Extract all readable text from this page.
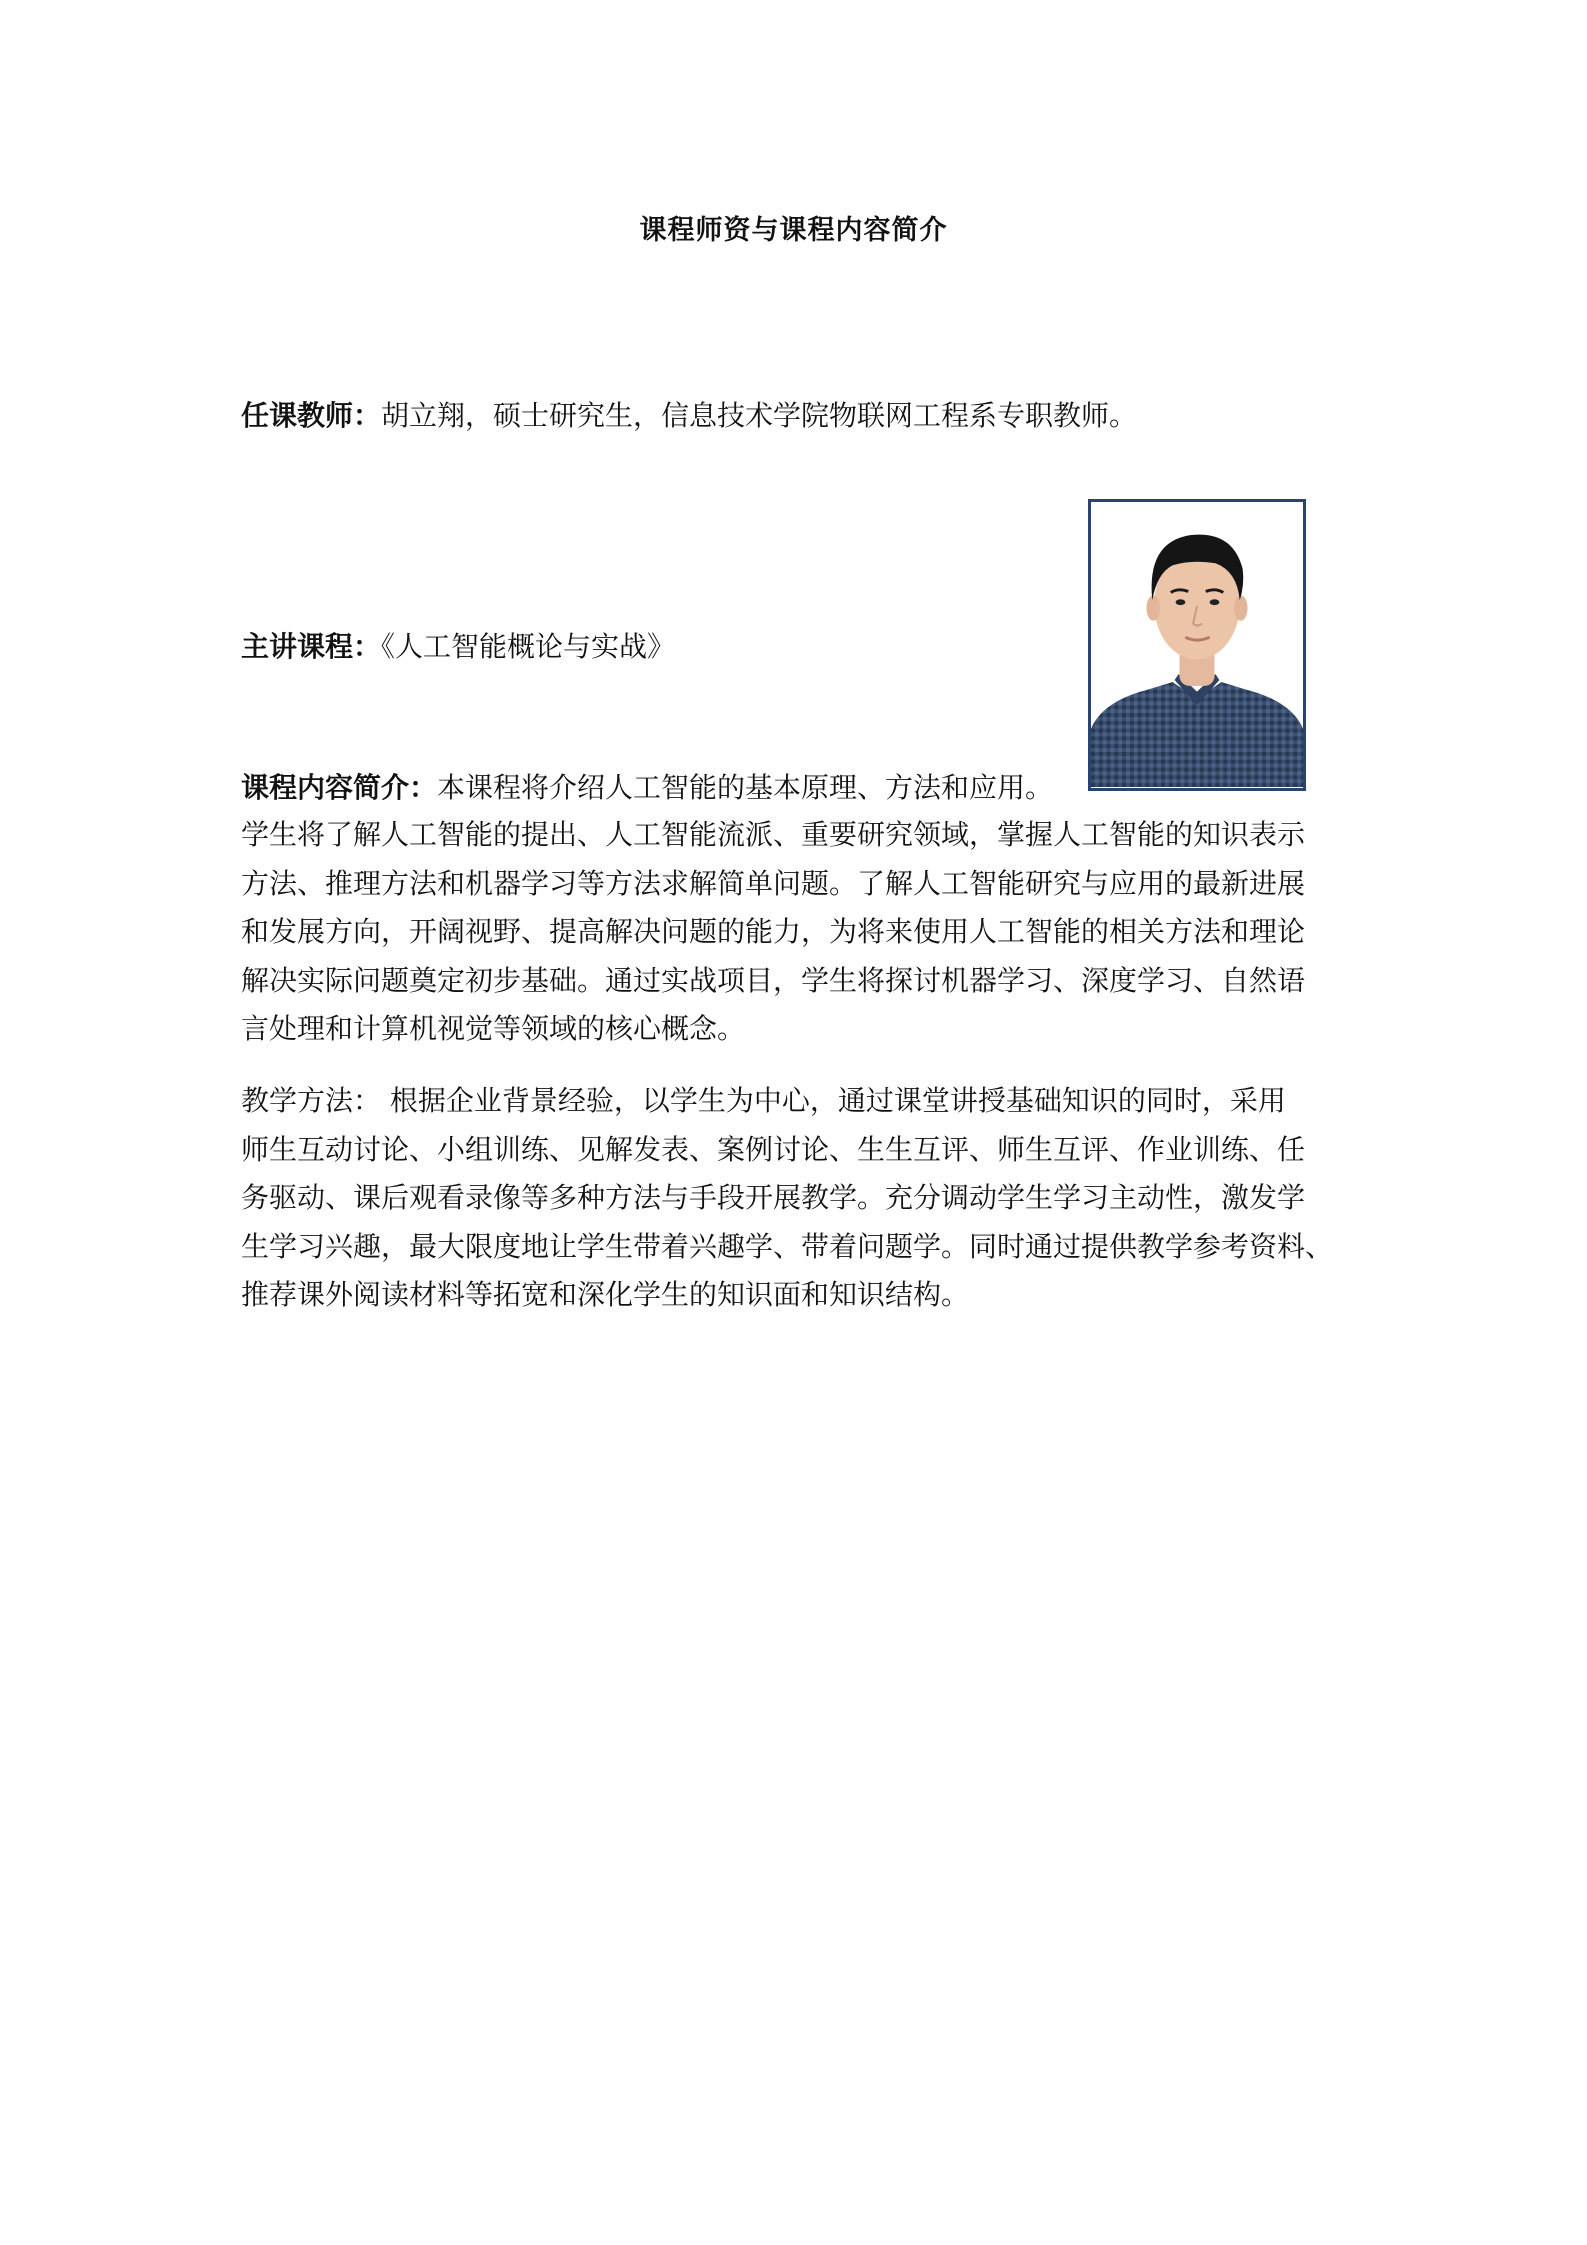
课程师资与课程内容简介
任课教师：胡立翔，硕士研究生，信息技术学院物联网工程系专职教师。
主讲课程：《人工智能概论与实战》
课程内容简介：本课程将介绍人工智能的基本原理、方法和应用。
学生将了解人工智能的提出、人工智能流派、重要研究领域，掌握人工智能的知识表示
方法、推理方法和机器学习等方法求解简单问题。了解人工智能研究与应用的最新进展
和发展方向，开阔视野、提高解决问题的能力，为将来使用人工智能的相关方法和理论
解决实际问题奠定初步基础。通过实战项目，学生将探讨机器学习、深度学习、自然语
言处理和计算机视觉等领域的核心概念。
教学方法： 根据企业背景经验，以学生为中心，通过课堂讲授基础知识的同时，采用
师生互动讨论、小组训练、见解发表、案例讨论、生生互评、师生互评、作业训练、任
务驱动、课后观看录像等多种方法与手段开展教学。充分调动学生学习主动性，激发学
生学习兴趣，最大限度地让学生带着兴趣学、带着问题学。同时通过提供教学参考资料、
推荐课外阅读材料等拓宽和深化学生的知识面和知识结构。
